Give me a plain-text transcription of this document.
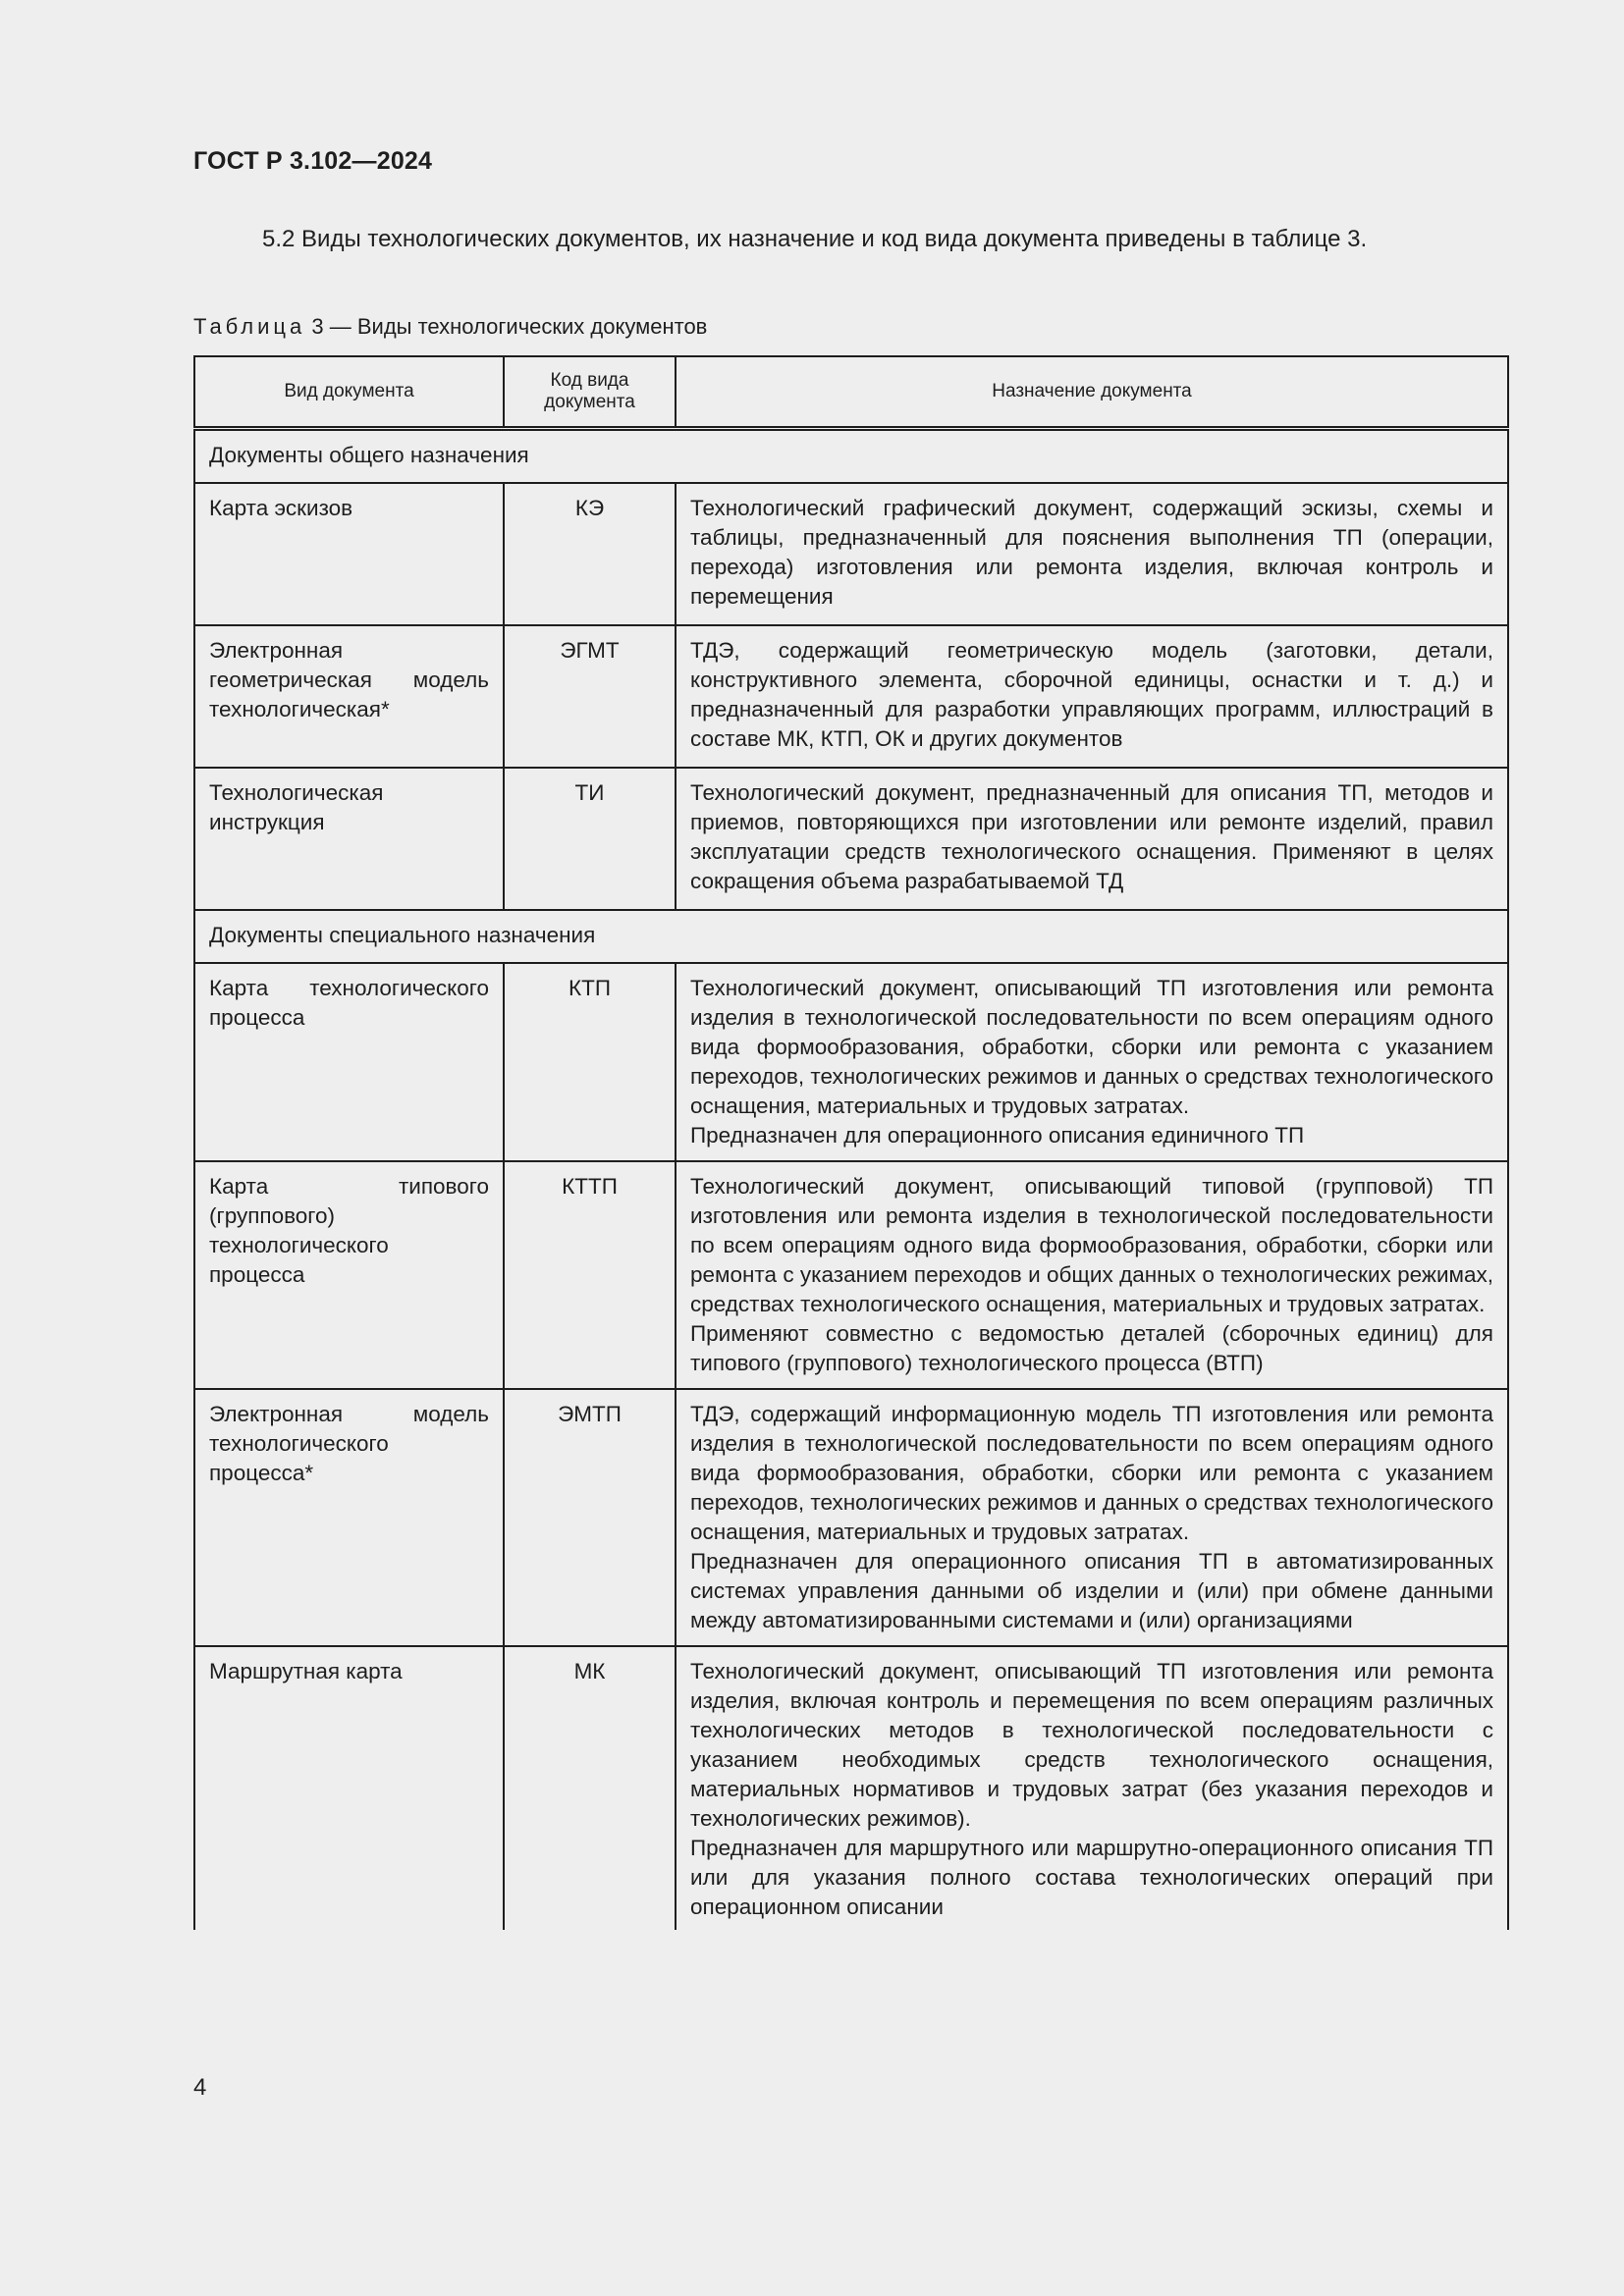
ГОСТ Р 3.102—2024

5.2 Виды технологических документов, их назначение и код вида документа приведены в таблице 3.

Таблица 3 — Виды технологических документов
Вид документа	Код вида документа	Назначение документа
Документы общего назначения		
Карта эскизов	КЭ	Технологический графический документ, содержащий эскизы, схемы и таблицы, предназначенный для пояснения выполнения ТП (операции, перехода) изготовления или ремонта изделия, включая контроль и перемещения
Электронная геометрическая модель технологическая*	ЭГМТ	ТДЭ, содержащий геометрическую модель (заготовки, детали, конструктивного элемента, сборочной единицы, оснастки и т. д.) и предназначенный для разработки управляющих программ, иллюстраций в составе МК, КТП, ОК и других документов
Технологическая инструкция	ТИ	Технологический документ, предназначенный для описания ТП, методов и приемов, повторяющихся при изготовлении или ремонте изделий, правил эксплуатации средств технологического оснащения. Применяют в целях сокращения объема разрабатываемой ТД
Документы специального назначения		
Карта технологического процесса	КТП	Технологический документ, описывающий ТП изготовления или ремонта изделия в технологической последовательности по всем операциям одного вида формообразования, обработки, сборки или ремонта с указанием переходов, технологических режимов и данных о средствах технологического оснащения, материальных и трудовых затратах.
Предназначен для операционного описания единичного ТП

Карта типового (группового) технологического процесса	КТТП	Технологический документ, описывающий типовой (групповой) ТП изготовления или ремонта изделия в технологической последовательности по всем операциям одного вида формообразования, обработки, сборки или ремонта с указанием переходов и общих данных о технологических режимах, средствах технологического оснащения, материальных и трудовых затратах.
Применяют совместно с ведомостью деталей (сборочных единиц) для типового (группового) технологического процесса (ВТП)

Электронная модель технологического процесса*	ЭМТП	ТДЭ, содержащий информационную модель ТП изготовления или ремонта изделия в технологической последовательности по всем операциям одного вида формообразования, обработки, сборки или ремонта с указанием переходов, технологических режимов и данных о средствах технологического оснащения, материальных и трудовых затратах.
Предназначен для операционного описания ТП в автоматизированных системах управления данными об изделии и (или) при обмене данными между автоматизированными системами и (или) организациями

Маршрутная карта	МК	Технологический документ, описывающий ТП изготовления или ремонта изделия, включая контроль и перемещения по всем операциям различных технологических методов в технологической последовательности с указанием необходимых средств технологического оснащения, материальных нормативов и трудовых затрат (без указания переходов и технологических режимов).
Предназначен для маршрутного или маршрутно-операционного описания ТП или для указания полного состава технологических операций при операционном описании
4
